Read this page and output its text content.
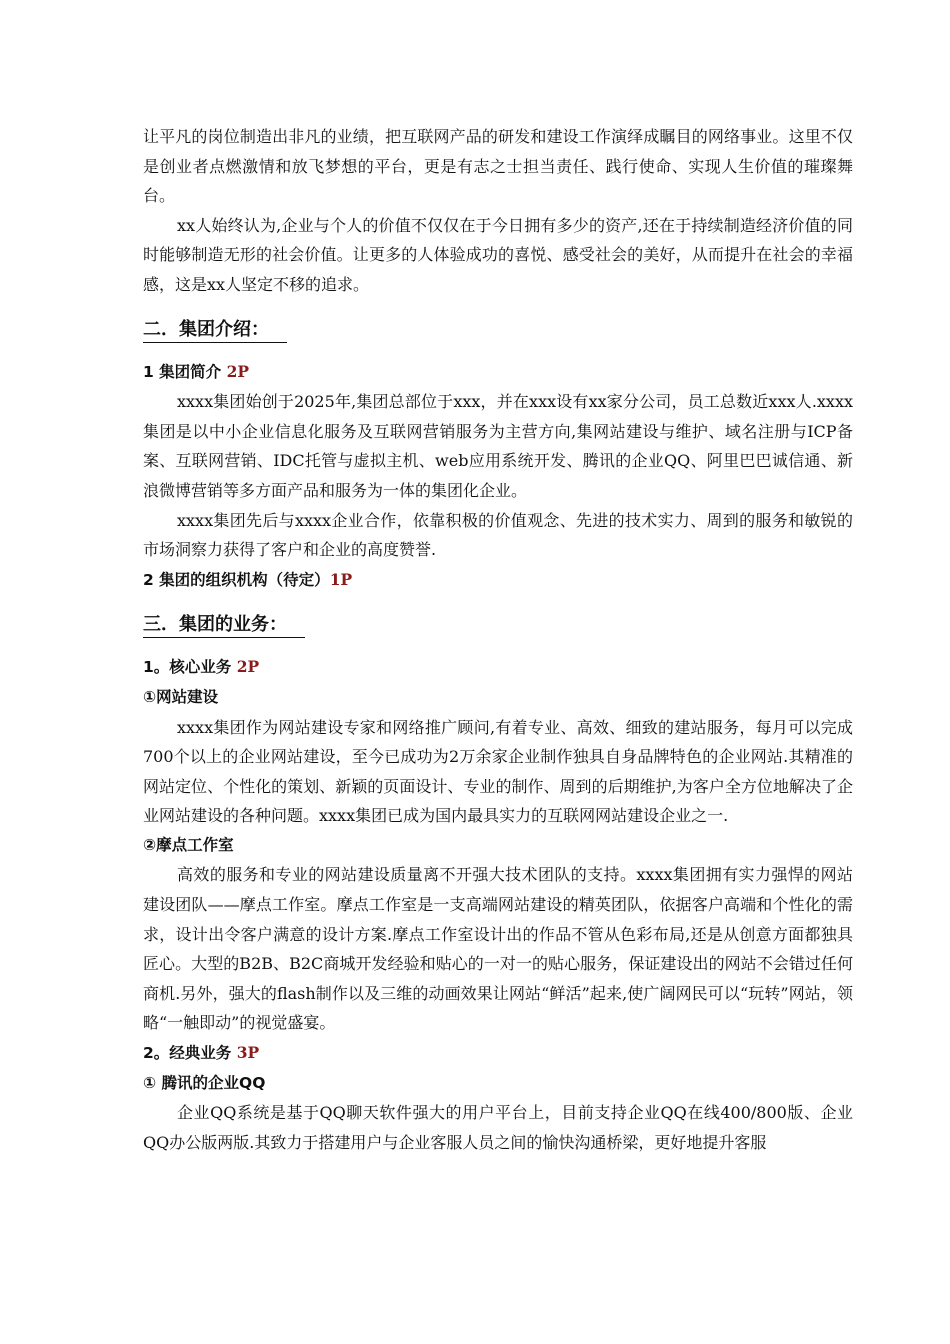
让平凡的岗位制造出非凡的业绩，把互联网产品的研发和建设工作演绎成瞩目的网络事业。这里不仅是创业者点燃激情和放飞梦想的平台，更是有志之士担当责任、践行使命、实现人生价值的璀璨舞台。

xx人始终认为,企业与个人的价值不仅仅在于今日拥有多少的资产,还在于持续制造经济价值的同时能够制造无形的社会价值。让更多的人体验成功的喜悦、感受社会的美好，从而提升在社会的幸福感，这是xx人坚定不移的追求。

二．集团介绍：
1 集团简介 2P

xxxx集团始创于2025年,集团总部位于xxx，并在xxx设有xx家分公司，员工总数近xxx人.xxxx集团是以中小企业信息化服务及互联网营销服务为主营方向,集网站建设与维护、域名注册与ICP备案、互联网营销、IDC托管与虚拟主机、web应用系统开发、腾讯的企业QQ、阿里巴巴诚信通、新浪微博营销等多方面产品和服务为一体的集团化企业。

xxxx集团先后与xxxx企业合作，依靠积极的价值观念、先进的技术实力、周到的服务和敏锐的市场洞察力获得了客户和企业的高度赞誉.

2 集团的组织机构（待定）1P
三．集团的业务：
1。核心业务 2P
①网站建设

xxxx集团作为网站建设专家和网络推广顾问,有着专业、高效、细致的建站服务，每月可以完成700个以上的企业网站建设，至今已成功为2万余家企业制作独具自身品牌特色的企业网站.其精准的网站定位、个性化的策划、新颖的页面设计、专业的制作、周到的后期维护,为客户全方位地解决了企业网站建设的各种问题。xxxx集团已成为国内最具实力的互联网网站建设企业之一.

②摩点工作室

高效的服务和专业的网站建设质量离不开强大技术团队的支持。xxxx集团拥有实力强悍的网站建设团队——摩点工作室。摩点工作室是一支高端网站建设的精英团队，依据客户高端和个性化的需求，设计出令客户满意的设计方案.摩点工作室设计出的作品不管从色彩布局,还是从创意方面都独具匠心。大型的B2B、B2C商城开发经验和贴心的一对一的贴心服务，保证建设出的网站不会错过任何商机.另外，强大的flash制作以及三维的动画效果让网站“鲜活”起来,使广阔网民可以“玩转”网站，领略“一触即动”的视觉盛宴。

2。经典业务 3P
① 腾讯的企业QQ

企业QQ系统是基于QQ聊天软件强大的用户平台上，目前支持企业QQ在线400/800版、企业QQ办公版两版.其致力于搭建用户与企业客服人员之间的愉快沟通桥梁，更好地提升客服
